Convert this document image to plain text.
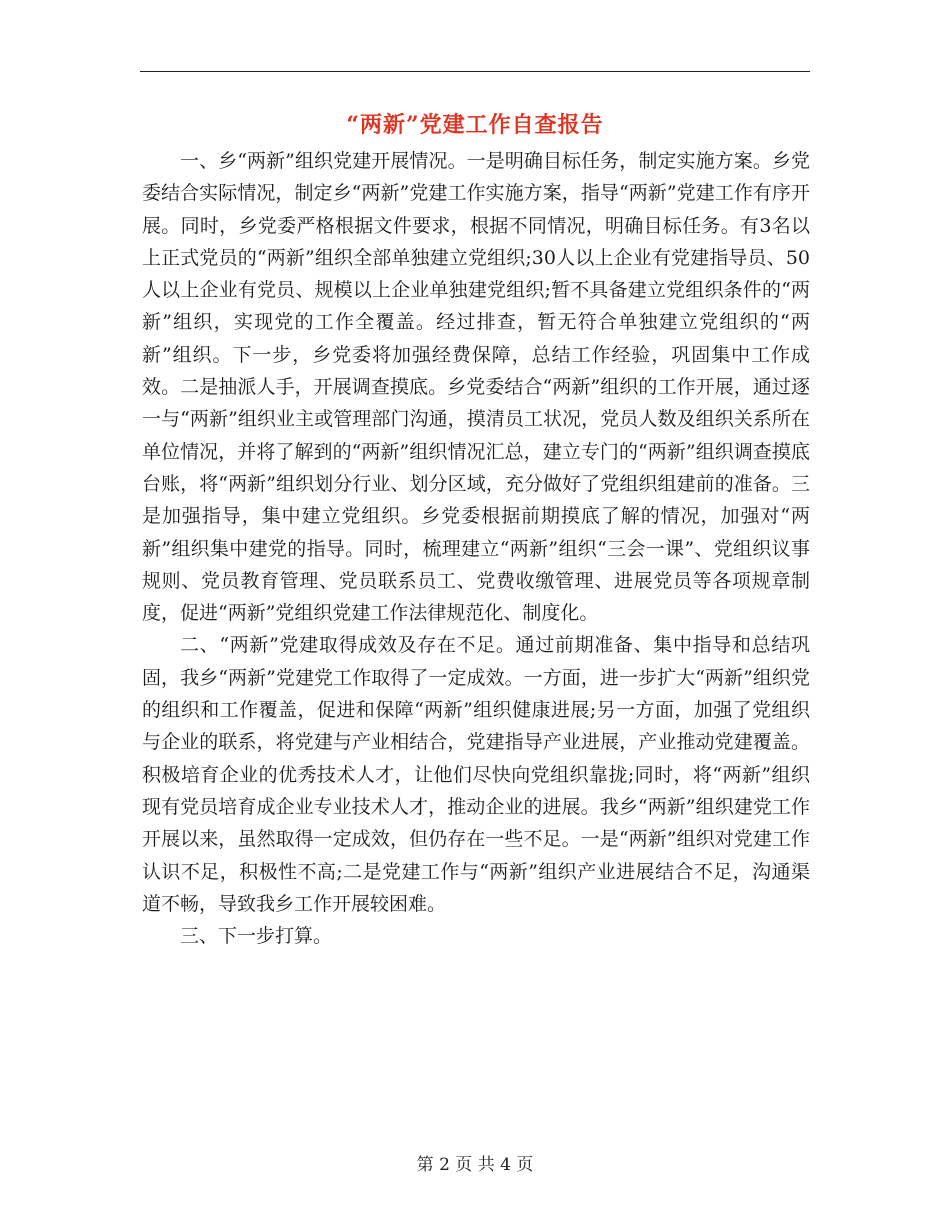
“两新”党建工作自查报告

一、乡“两新”组织党建开展情况。一是明确目标任务，制定实施方案。乡党委结合实际情况，制定乡“两新”党建工作实施方案，指导“两新”党建工作有序开展。同时，乡党委严格根据文件要求，根据不同情况，明确目标任务。有3名以上正式党员的“两新”组织全部单独建立党组织;30人以上企业有党建指导员、50人以上企业有党员、规模以上企业单独建党组织;暂不具备建立党组织条件的“两新”组织，实现党的工作全覆盖。经过排查，暂无符合单独建立党组织的“两新”组织。下一步，乡党委将加强经费保障，总结工作经验，巩固集中工作成效。二是抽派人手，开展调查摸底。乡党委结合“两新”组织的工作开展，通过逐一与“两新”组织业主或管理部门沟通，摸清员工状况，党员人数及组织关系所在单位情况，并将了解到的“两新”组织情况汇总，建立专门的“两新”组织调查摸底台账，将“两新”组织划分行业、划分区域，充分做好了党组织组建前的准备。三是加强指导，集中建立党组织。乡党委根据前期摸底了解的情况，加强对“两新”组织集中建党的指导。同时，梳理建立“两新”组织“三会一课”、党组织议事规则、党员教育管理、党员联系员工、党费收缴管理、进展党员等各项规章制度，促进“两新”党组织党建工作法律规范化、制度化。

二、“两新”党建取得成效及存在不足。通过前期准备、集中指导和总结巩固，我乡“两新”党建党工作取得了一定成效。一方面，进一步扩大“两新”组织党的组织和工作覆盖，促进和保障“两新”组织健康进展;另一方面，加强了党组织与企业的联系，将党建与产业相结合，党建指导产业进展，产业推动党建覆盖。积极培育企业的优秀技术人才，让他们尽快向党组织靠拢;同时，将“两新”组织现有党员培育成企业专业技术人才，推动企业的进展。我乡“两新”组织建党工作开展以来，虽然取得一定成效，但仍存在一些不足。一是“两新”组织对党建工作认识不足，积极性不高;二是党建工作与“两新”组织产业进展结合不足，沟通渠道不畅，导致我乡工作开展较困难。

三、下一步打算。

第 2 页 共 4 页
